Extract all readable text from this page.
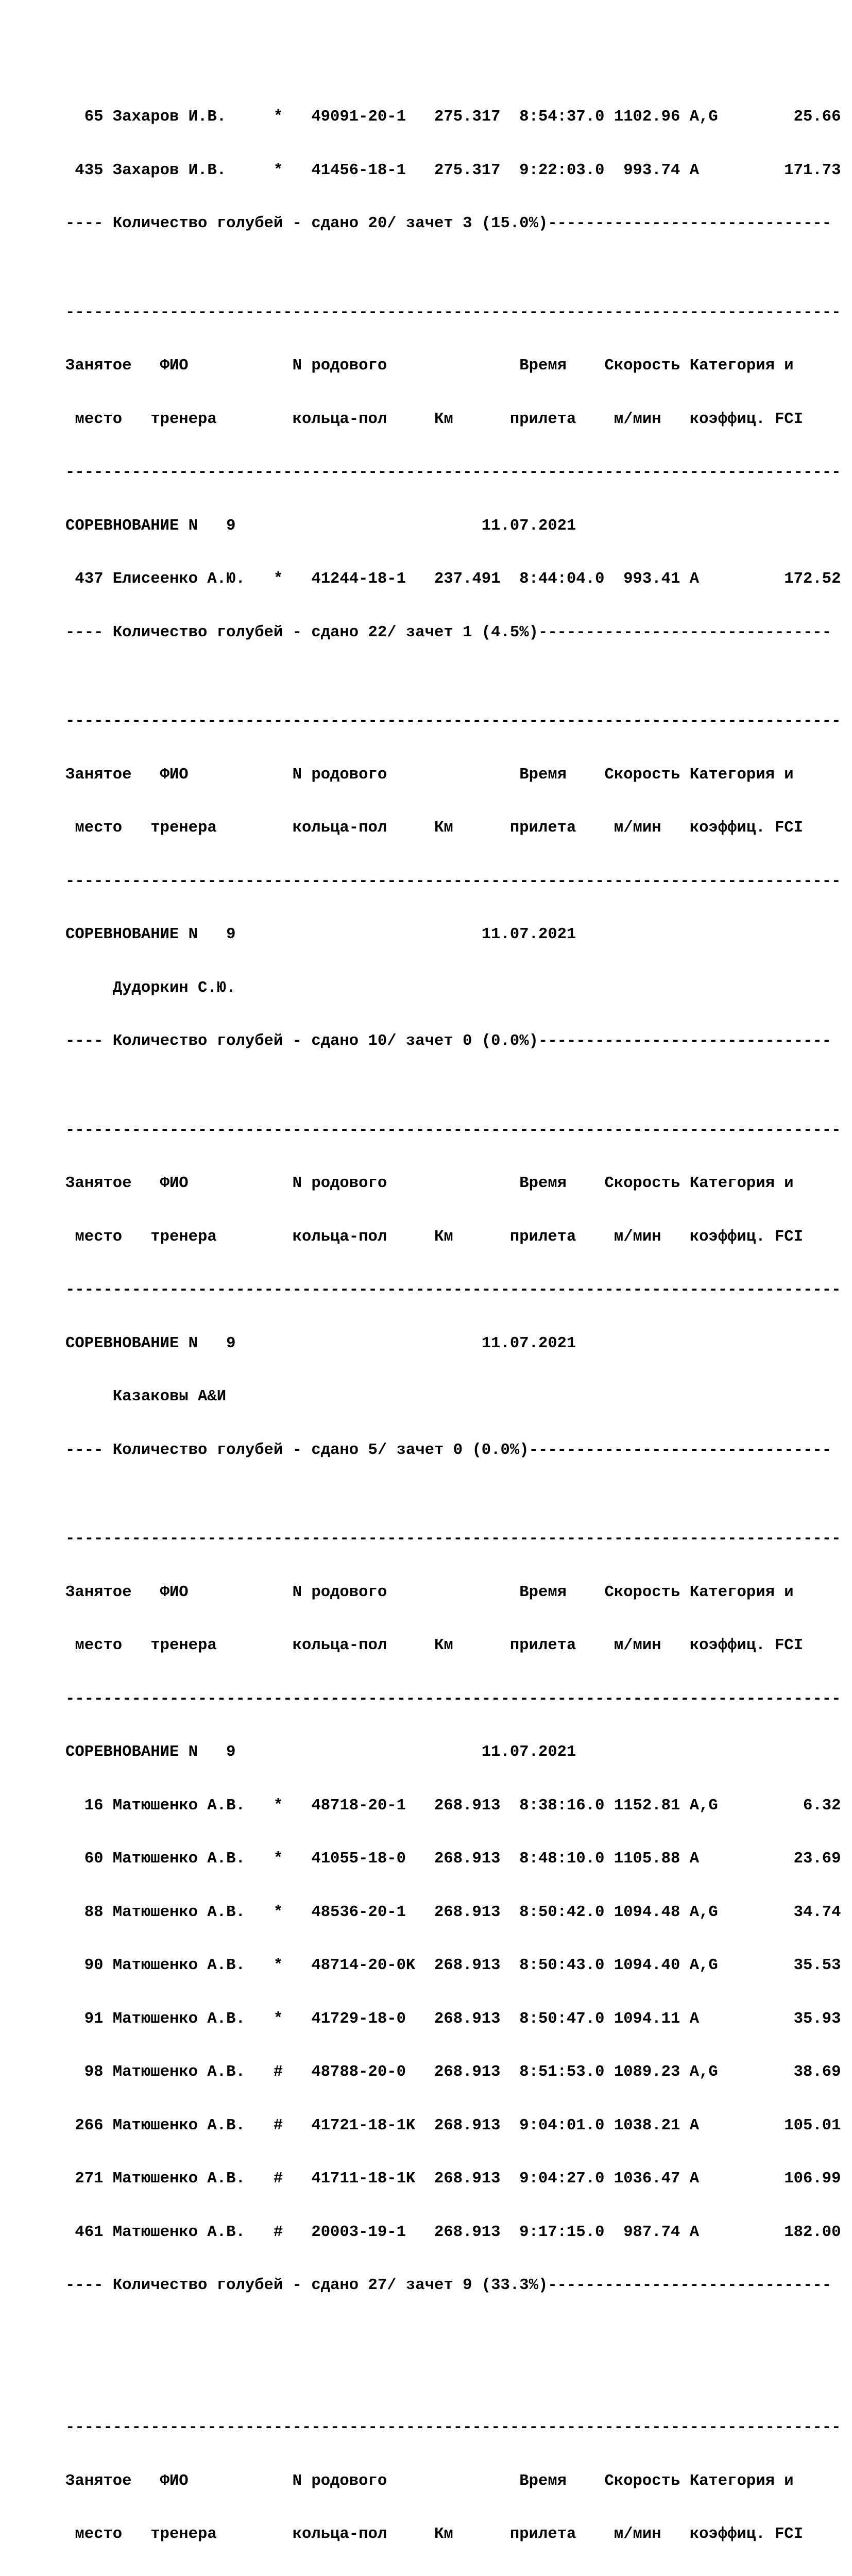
65 Захаров И.В.     *   49091-20-1   275.317  8:54:37.0 1102.96 A,G        25.66

435 Захаров И.В.     *   41456-18-1   275.317  9:22:03.0  993.74 A         171.73

---- Количество голубей - сдано 20/ зачет 3 (15.0%)------------------------------

----------------------------------------------------------------------------------

Занятое   ФИО           N родового              Время    Скорость Категория и

место   тренера        кольца-пол     Км      прилета    м/мин   коэффиц. FCI

----------------------------------------------------------------------------------

СОРЕВНОВАНИЕ N   9                          11.07.2021

437 Елисеенко А.Ю.   *   41244-18-1   237.491  8:44:04.0  993.41 A         172.52

---- Количество голубей - сдано 22/ зачет 1 (4.5%)-------------------------------

----------------------------------------------------------------------------------

Занятое   ФИО           N родового              Время    Скорость Категория и

место   тренера        кольца-пол     Км      прилета    м/мин   коэффиц. FCI

----------------------------------------------------------------------------------

СОРЕВНОВАНИЕ N   9                          11.07.2021

Дудоркин С.Ю.

---- Количество голубей - сдано 10/ зачет 0 (0.0%)-------------------------------

----------------------------------------------------------------------------------

Занятое   ФИО           N родового              Время    Скорость Категория и

место   тренера        кольца-пол     Км      прилета    м/мин   коэффиц. FCI

----------------------------------------------------------------------------------

СОРЕВНОВАНИЕ N   9                          11.07.2021

Казаковы А&И

---- Количество голубей - сдано 5/ зачет 0 (0.0%)--------------------------------

----------------------------------------------------------------------------------

Занятое   ФИО           N родового              Время    Скорость Категория и

место   тренера        кольца-пол     Км      прилета    м/мин   коэффиц. FCI

----------------------------------------------------------------------------------

СОРЕВНОВАНИЕ N   9                          11.07.2021

16 Матюшенко А.В.   *   48718-20-1   268.913  8:38:16.0 1152.81 A,G         6.32

60 Матюшенко А.В.   *   41055-18-0   268.913  8:48:10.0 1105.88 A          23.69

88 Матюшенко А.В.   *   48536-20-1   268.913  8:50:42.0 1094.48 A,G        34.74

90 Матюшенко А.В.   *   48714-20-0K  268.913  8:50:43.0 1094.40 A,G        35.53

91 Матюшенко А.В.   *   41729-18-0   268.913  8:50:47.0 1094.11 A          35.93

98 Матюшенко А.В.   #   48788-20-0   268.913  8:51:53.0 1089.23 A,G        38.69

266 Матюшенко А.В.   #   41721-18-1K  268.913  9:04:01.0 1038.21 A         105.01

271 Матюшенко А.В.   #   41711-18-1K  268.913  9:04:27.0 1036.47 A         106.99

461 Матюшенко А.В.   #   20003-19-1   268.913  9:17:15.0  987.74 A         182.00

---- Количество голубей - сдано 27/ зачет 9 (33.3%)------------------------------

----------------------------------------------------------------------------------

Занятое   ФИО           N родового              Время    Скорость Категория и

место   тренера        кольца-пол     Км      прилета    м/мин   коэффиц. FCI
